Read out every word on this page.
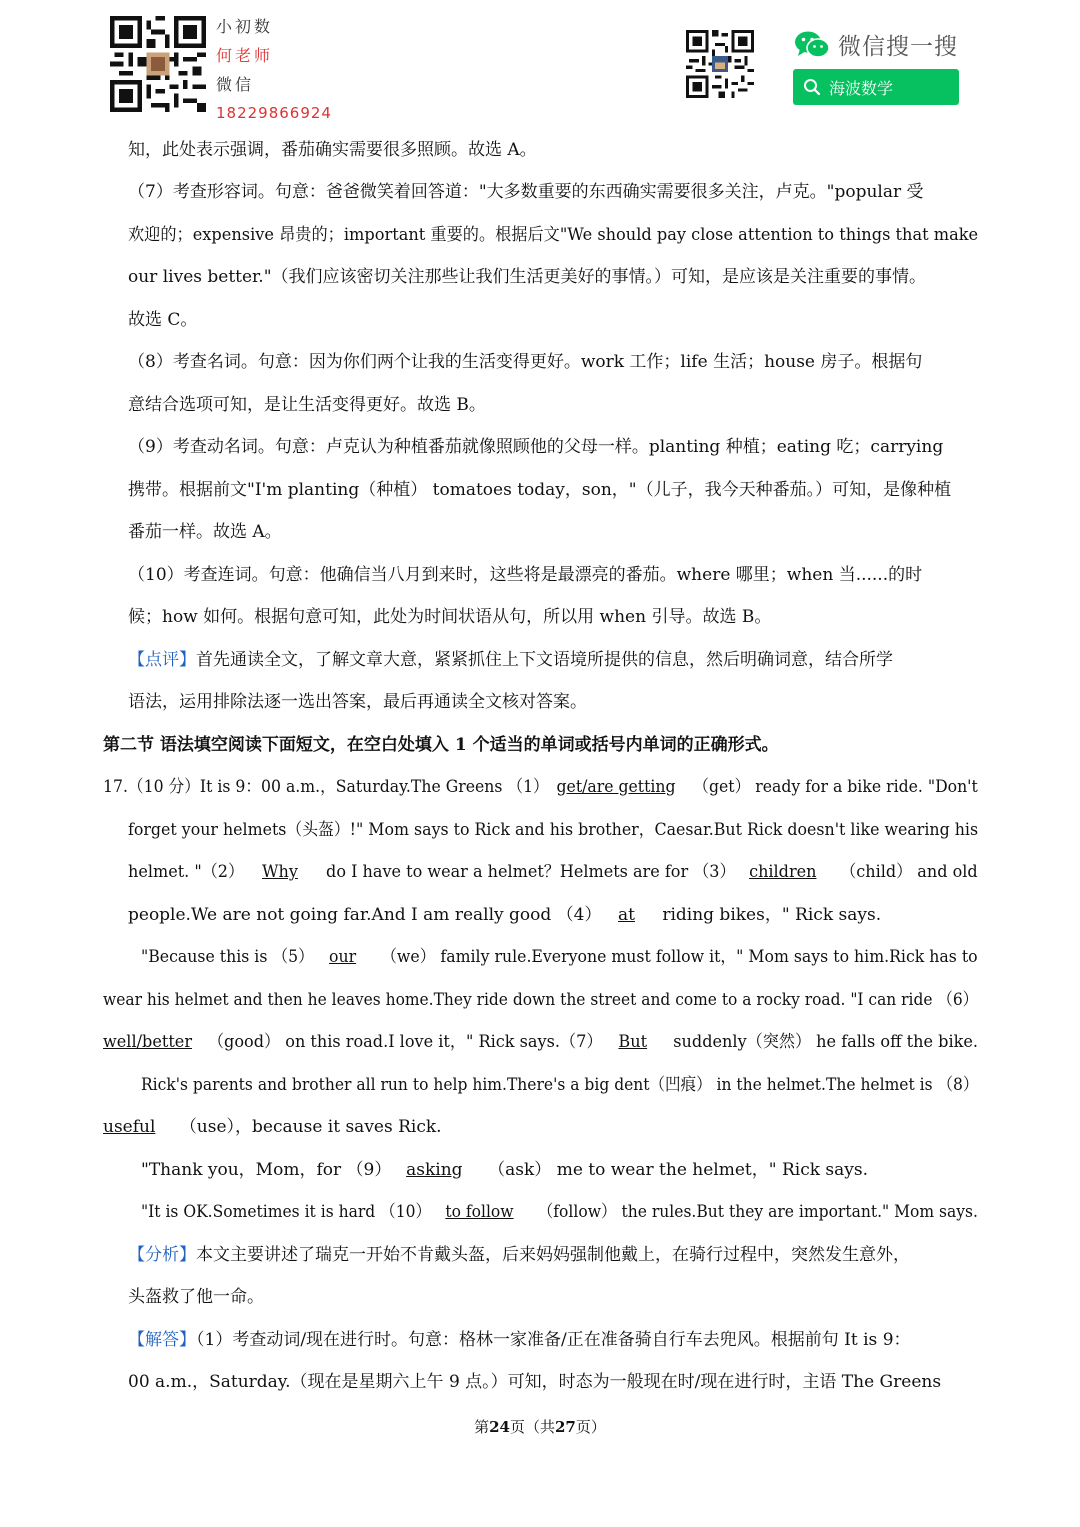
小初数
何老师
微信
18229866924
微信搜一搜
海波数学
知，此处表示强调，番茄确实需要很多照顾。故选 A。
（7）考查形容词。句意：爸爸微笑着回答道："大多数重要的东西确实需要很多关注，卢克。"popular 受
欢迎的；expensive 昂贵的；important 重要的。根据后文"We should pay close attention to things that make
our lives better."（我们应该密切关注那些让我们生活更美好的事情。）可知，是应该是关注重要的事情。
故选 C。
（8）考查名词。句意：因为你们两个让我的生活变得更好。work 工作；life 生活；house 房子。根据句
意结合选项可知，是让生活变得更好。故选 B。
（9）考查动名词。句意：卢克认为种植番茄就像照顾他的父母一样。planting 种植；eating 吃；carrying
携带。根据前文"I'm planting（种植） tomatoes today，son，"（儿子，我今天种番茄。）可知，是像种植
番茄一样。故选 A。
（10）考查连词。句意：他确信当八月到来时，这些将是最漂亮的番茄。where 哪里；when 当......的时
候；how 如何。根据句意可知，此处为时间状语从句，所以用 when 引导。故选 B。
【点评】首先通读全文，了解文章大意，紧紧抓住上下文语境所提供的信息，然后明确词意，结合所学
语法，运用排除法逐一选出答案，最后再通读全文核对答案。
第二节 语法填空阅读下面短文，在空白处填入 1 个适当的单词或括号内单词的正确形式。
17.（10 分）It is 9：00 a.m.，Saturday.The Greens （1） get/are getting （get） ready for a bike ride. "Don't
forget your helmets（头盔）!" Mom says to Rick and his brother，Caesar.But Rick doesn't like wearing his
helmet. "（2） Why do I have to wear a helmet？Helmets are for （3） children （child） and old
people.We are not going far.And I am really good （4） at riding bikes，" Rick says.
"Because this is （5） our （we） family rule.Everyone must follow it，" Mom says to him.Rick has to
wear his helmet and then he leaves home.They ride down the street and come to a rocky road. "I can ride （6）
well/better （good） on this road.I love it，" Rick says.（7） But suddenly（突然） he falls off the bike.
Rick's parents and brother all run to help him.There's a big dent（凹痕） in the helmet.The helmet is （8）
useful （use），because it saves Rick.
"Thank you，Mom，for （9） asking （ask） me to wear the helmet，" Rick says.
"It is OK.Sometimes it is hard （10） to follow （follow） the rules.But they are important." Mom says.
【分析】本文主要讲述了瑞克一开始不肯戴头盔，后来妈妈强制他戴上，在骑行过程中，突然发生意外，
头盔救了他一命。
【解答】（1）考查动词/现在进行时。句意：格林一家准备/正在准备骑自行车去兜风。根据前句 It is 9：
00 a.m.，Saturday.（现在是星期六上午 9 点。）可知，时态为一般现在时/现在进行时，主语 The Greens
第24页（共27页）
